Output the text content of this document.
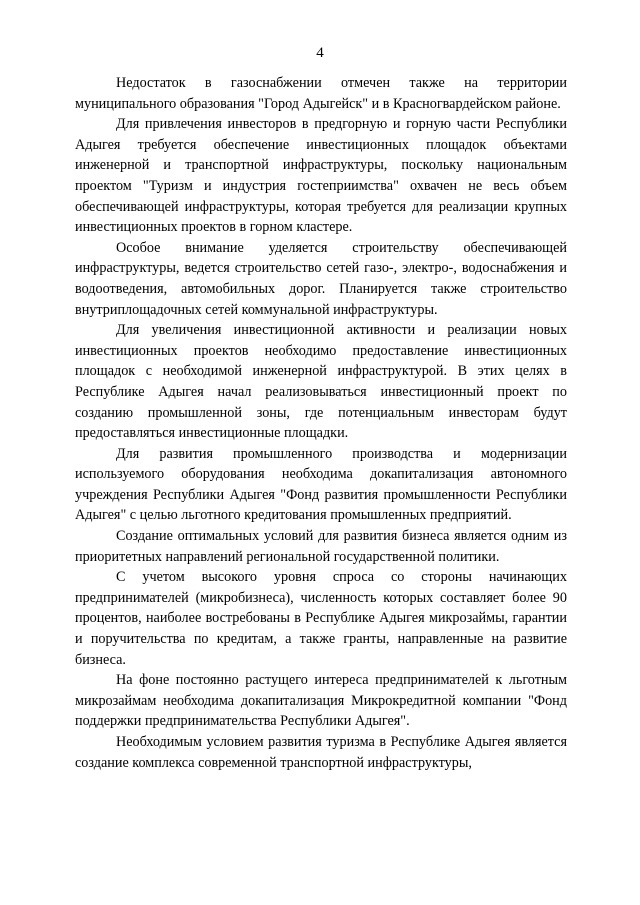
4

Недостаток в газоснабжении отмечен также на территории муниципального образования "Город Адыгейск" и в Красногвардейском районе.

Для привлечения инвесторов в предгорную и горную части Республики Адыгея требуется обеспечение инвестиционных площадок объектами инженерной и транспортной инфраструктуры, поскольку национальным проектом "Туризм и индустрия гостеприимства" охвачен не весь объем обеспечивающей инфраструктуры, которая требуется для реализации крупных инвестиционных проектов в горном кластере.

Особое внимание уделяется строительству обеспечивающей инфраструктуры, ведется строительство сетей газо-, электро-, водоснабжения и водоотведения, автомобильных дорог. Планируется также строительство внутриплощадочных сетей коммунальной инфраструктуры.

Для увеличения инвестиционной активности и реализации новых инвестиционных проектов необходимо предоставление инвестиционных площадок с необходимой инженерной инфраструктурой. В этих целях в Республике Адыгея начал реализовываться инвестиционный проект по созданию промышленной зоны, где потенциальным инвесторам будут предоставляться инвестиционные площадки.

Для развития промышленного производства и модернизации используемого оборудования необходима докапитализация автономного учреждения Республики Адыгея "Фонд развития промышленности Республики Адыгея" с целью льготного кредитования промышленных предприятий.

Создание оптимальных условий для развития бизнеса является одним из приоритетных направлений региональной государственной политики.

С учетом высокого уровня спроса со стороны начинающих предпринимателей (микробизнеса), численность которых составляет более 90 процентов, наиболее востребованы в Республике Адыгея микрозаймы, гарантии и поручительства по кредитам, а также гранты, направленные на развитие бизнеса.

На фоне постоянно растущего интереса предпринимателей к льготным микрозаймам необходима докапитализация Микрокредитной компании "Фонд поддержки предпринимательства Республики Адыгея".

Необходимым условием развития туризма в Республике Адыгея является создание комплекса современной транспортной инфраструктуры,
